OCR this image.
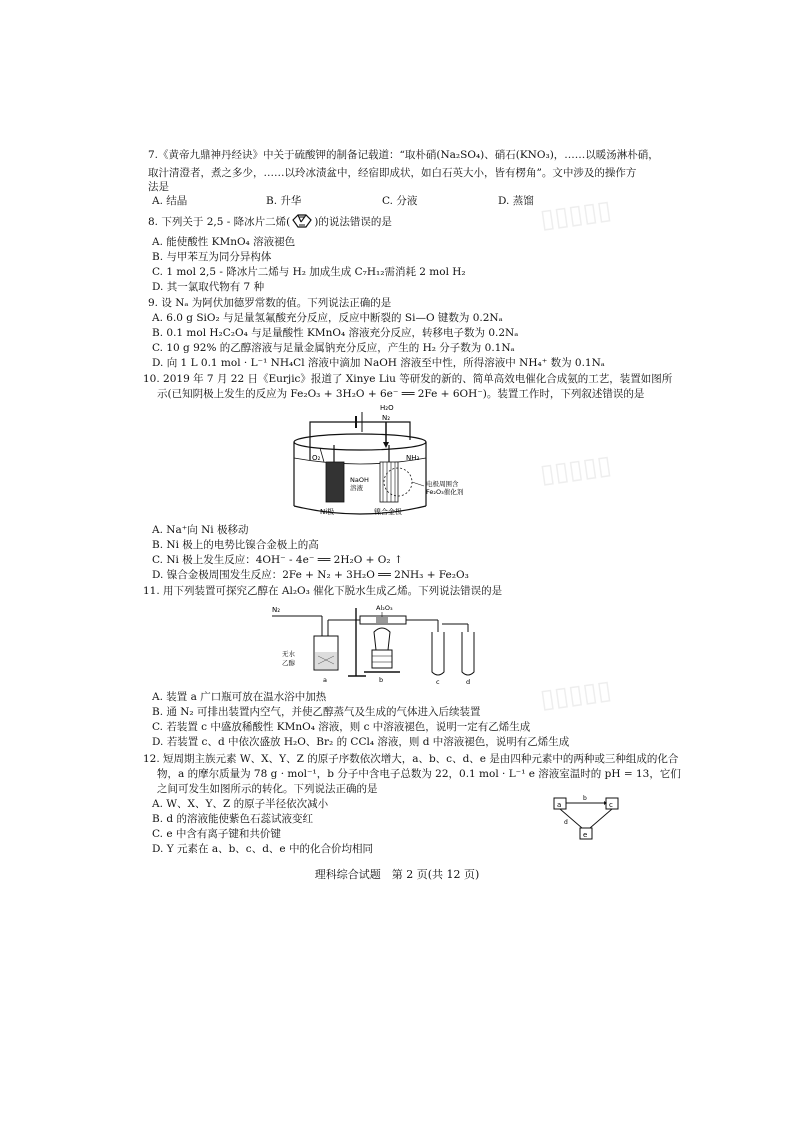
▯▯▯▯▯
▯▯▯▯▯
▯▯▯▯▯
7.《黄帝九鼎神丹经诀》中关于硫酸钾的制备记载道：“取朴硝(Na₂SO₄)、硝石(KNO₃)，……以暖汤淋朴硝，
取汁清澄者，煮之多少，……以玲冰渍盆中，经宿即成状，如白石英大小，皆有楞角”。文中涉及的操作方
法是
A. 结晶	B. 升华	C. 分液	D. 蒸馏
8. 下列关于 2,5 - 降冰片二烯( )的说法错误的是
A. 能使酸性 KMnO₄ 溶液褪色
B. 与甲苯互为同分异构体
C. 1 mol 2,5 - 降冰片二烯与 H₂ 加成生成 C₇H₁₂需消耗 2 mol H₂
D. 其一氯取代物有 7 种
9. 设 Nₐ 为阿伏加德罗常数的值。下列说法正确的是
A. 6.0 g SiO₂ 与足量氢氟酸充分反应，反应中断裂的 Si—O 键数为 0.2Nₐ
B. 0.1 mol H₂C₂O₄ 与足量酸性 KMnO₄ 溶液充分反应，转移电子数为 0.2Nₐ
C. 10 g 92% 的乙醇溶液与足量金属钠充分反应，产生的 H₂ 分子数为 0.1Nₐ
D. 向 1 L 0.1 mol · L⁻¹ NH₄Cl 溶液中滴加 NaOH 溶液至中性，所得溶液中 NH₄⁺ 数为 0.1Nₐ
10. 2019 年 7 月 22 日《Eurjic》报道了 Xinye Liu 等研发的新的、简单高效电催化合成氨的工艺，装置如图所
示(已知阴极上发生的反应为 Fe₂O₃ + 3H₂O + 6e⁻ ══ 2Fe + 6OH⁻)。装置工作时，下列叙述错误的是
H₂O
N₂
O₂	NH₃
NaOH
溶液
Ni极	镍合金极
电极周围含
Fe₂O₃催化剂
A. Na⁺向 Ni 极移动
B. Ni 极上的电势比镍合金极上的高
C. Ni 极上发生反应：4OH⁻ - 4e⁻ ══ 2H₂O + O₂ ↑
D. 镍合金极周围发生反应：2Fe + N₂ + 3H₂O ══ 2NH₃ + Fe₂O₃
11. 用下列装置可探究乙醇在 Al₂O₃ 催化下脱水生成乙烯。下列说法错误的是
N₂
无水
乙醇
a
Al₂O₃
b	c	d
A. 装置 a 广口瓶可放在温水浴中加热
B. 通 N₂ 可排出装置内空气，并使乙醇蒸气及生成的气体进入后续装置
C. 若装置 c 中盛放稀酸性 KMnO₄ 溶液，则 c 中溶液褪色，说明一定有乙烯生成
D. 若装置 c、d 中依次盛放 H₂O、Br₂ 的 CCl₄ 溶液，则 d 中溶液褪色，说明有乙烯生成
12. 短周期主族元素 W、X、Y、Z 的原子序数依次增大，a、b、c、d、e 是由四种元素中的两种或三种组成的化合
物，a 的摩尔质量为 78 g · mol⁻¹，b 分子中含电子总数为 22，0.1 mol · L⁻¹ e 溶液室温时的 pH = 13，它们
之间可发生如图所示的转化。下列说法正确的是
A. W、X、Y、Z 的原子半径依次减小
B. d 的溶液能使紫色石蕊试液变红
C. e 中含有离子键和共价键
D. Y 元素在 a、b、c、d、e 中的化合价均相同
a	c
e
b
d
理科综合试题　第 2 页(共 12 页)
